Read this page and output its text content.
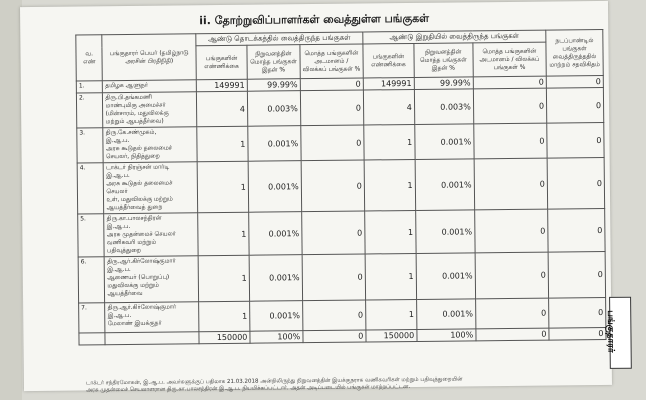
ii. தோற்றுவிப்பாளர்கள் வைத்துள்ள பங்குகள்
வ. எண்	பங்குதாரர் பெயர் (தமிழ்நாடு அரசின் பிரதிநிதி)	ஆண்டு தொடக்கத்தில் வைத்திருந்த பங்குகள்			ஆண்டு இறுதியில் வைத்திருந்த பங்குகள்			நடப்பாண்டில் பங்குகள் வைத்திருந்ததில் மாற்றம் சதவிகிதம்
		பங்குகளின் எண்ணிக்கை	நிறுவனத்தின் மொத்த பங்குகள் இதன் %	மொத்த பங்குகளின் அடமானம் / விலக்கப் பங்குகள் %	பங்குகளின் எண்ணிக்கை	நிறுவனத்தின் மொத்த பங்குகள் இதன் %	மொத்த பங்குகளின் அடமானம் / விலக்கப் பங்குகள் %	
1.	தமிழக ஆளுநர்	149991	99.99%	0	149991	99.99%	0	0
2.	திரு.பி.தங்கமணி
மாண்புமிகு அமைச்சர்
(மின்சாரம், மதுவிலக்கு
மற்றும் ஆயத்தீர்வை)	4	0.003%	0	4	0.003%	0	0
3.	திரு.கே.சண்முகம்,
இ.ஆ.ப.
அரசு கூடுதல் தலைமைச் செயலர், நிதித்துறை	1	0.001%	0	1	0.001%	0	0
4.	டாக்டர் நிரஞ்சன் மார்டி
இ.ஆ.ப.
அரசு கூடுதல் தலைமைச் செயலர்
உள், மதுவிலக்கு மற்றும்
ஆயத்தீர்வைத் துறை	1	0.001%	0	1	0.001%	0	0
5.	திரு.கா.பாலசந்திரன்
இ.ஆ.ப.
அரசு முதன்மைச் செயலர்
வணிகவரி மற்றும்
பதிவுத்துறை	1	0.001%	0	1	0.001%	0	0
6.	திரு.ஆர்.கிர்லோஷ்குமார்
இ.ஆ.ப.
ஆணையர் (பொறுப்பு)
மதுவிலக்கு மற்றும்
ஆயத்தீர்வை	1	0.001%	0	1	0.001%	0	0
7.	திரு.ஆர்.கிர்லோஷ்குமார்
இ.ஆ.ப.
மேலாண் இயக்குநர்	1	0.001%	0	1	0.001%	0	0
		150000	100%	0	150000	100%	0	0
டாக்டர் சந்திரமோகன், இ.ஆ.ப. அவர்களுக்குப் பதிலாக 21.03.2018 அன்றிலிருந்து நிறுவனத்தின் இயக்குநராக வணிகவரிகள் மற்றும் பதிவுத்துறையின்
அரசு முதன்மைச் செயலாளரான திரு.கா.பாலசந்திரன் இ.ஆ.ப. நியமிக்கப்பட்டார். அதன் அடிப்படையில் பங்குகள் மாற்றப்பட்டன.
பங்குதாரர்
